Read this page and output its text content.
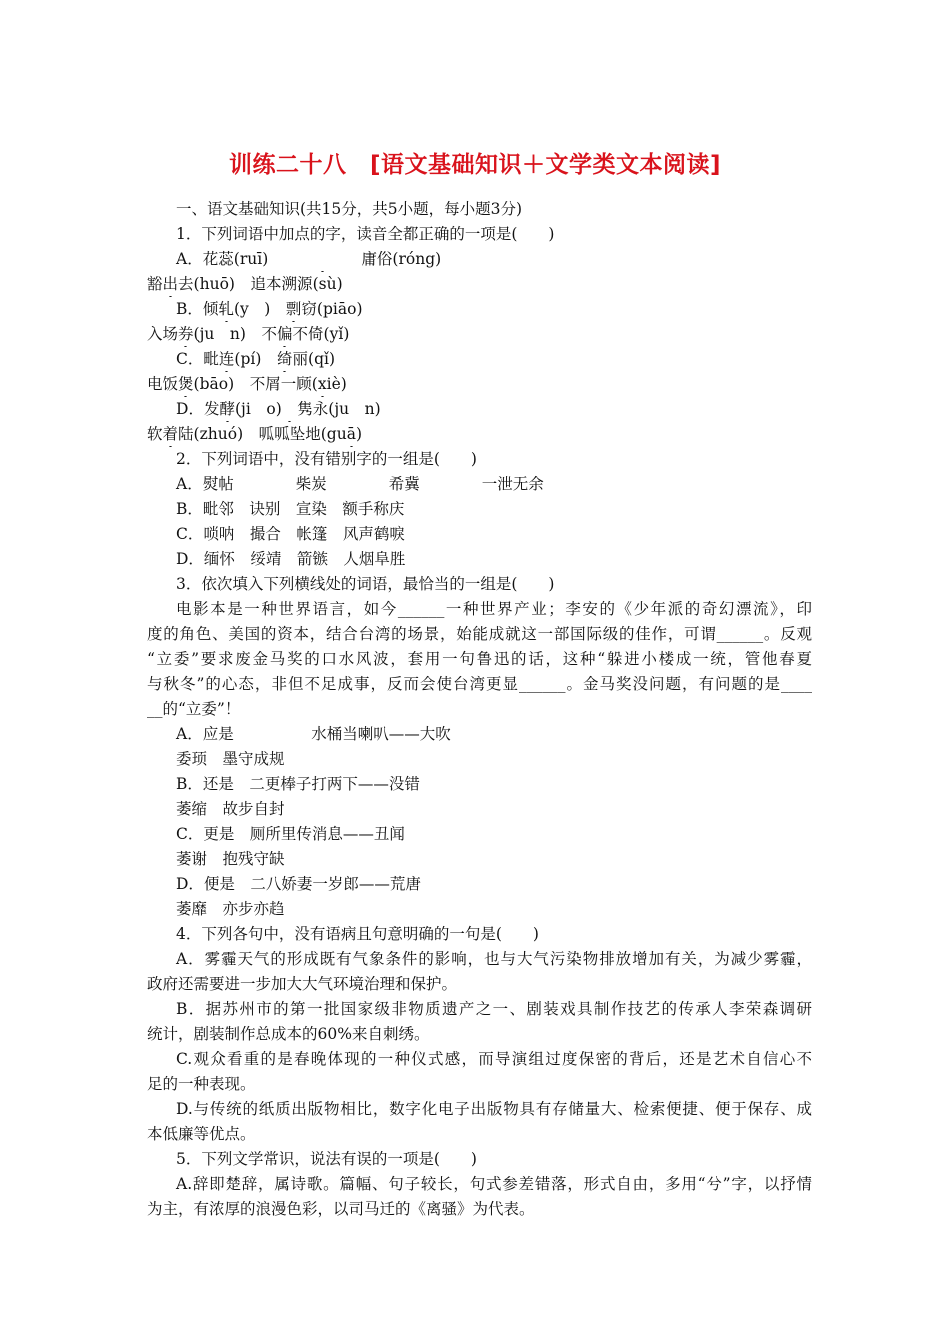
训练二十八　[语文基础知识＋文学类文本阅读]
一、语文基础知识(共15分，共5小题，每小题3分)
1．下列词语中加点的字，读音全都正确的一项是(　　)
A．花蕊(ruī)　　　　　　	庸俗(róng)
豁出去(huō)　 追本溯源(sù)
B．倾轧(y　 )　 剽窃(piāo)
入场券(ju　 n)　 不偏不倚(yǐ)
C．毗连(pí)　 绮丽(qǐ)
电饭煲(bāo)　 不屑一顾(xiè)
D．发酵(ji　 o)　 隽永(ju　 n)
软着陆(zhuó)　 呱呱坠地(guā)
2．下列词语中，没有错别字的一组是(　　)
A．熨帖　　　　柴炭　　　　希冀　　　　一泄无余
B．毗邻　诀别　宣染　额手称庆
C．唢呐　撮合　帐篷　风声鹤唳
D．缅怀　绥靖　箭镞　人烟阜胜
3．依次填入下列横线处的词语，最恰当的一组是(　　)
电影本是一种世界语言，如今______一种世界产业；李安的《少年派的奇幻漂流》，印
度的角色、美国的资本，结合台湾的场景，始能成就这一部国际级的佳作，可谓______。反观
“立委”要求废金马奖的口水风波，套用一句鲁迅的话，这种“躲进小楼成一统，管他春夏
与秋冬”的心态，非但不足成事，反而会使台湾更显______。金马奖没问题，有问题的是____
__的“立委”！
A．应是　　　　　水桶当喇叭——大吹
委顼　墨守成规
B．还是　二更棒子打两下——没错
萎缩　故步自封
C．更是　厕所里传消息——丑闻
萎谢　抱残守缺
D．便是　二八娇妻一岁郎——荒唐
萎靡　亦步亦趋
4．下列各句中，没有语病且句意明确的一句是(　　)
A．雾霾天气的形成既有气象条件的影响，也与大气污染物排放增加有关，为减少雾霾，
政府还需要进一步加大大气环境治理和保护。
B．据苏州市的第一批国家级非物质遗产之一、剧装戏具制作技艺的传承人李荣森调研
统计，剧装制作总成本的60%来自刺绣。
C.观众看重的是春晚体现的一种仪式感，而导演组过度保密的背后，还是艺术自信心不
足的一种表现。
D.与传统的纸质出版物相比，数字化电子出版物具有存储量大、检索便捷、便于保存、成
本低廉等优点。
5．下列文学常识，说法有误的一项是(　　)
A.辞即楚辞，属诗歌。篇幅、句子较长，句式参差错落，形式自由，多用“兮”字，以抒情
为主，有浓厚的浪漫色彩，以司马迁的《离骚》为代表。
